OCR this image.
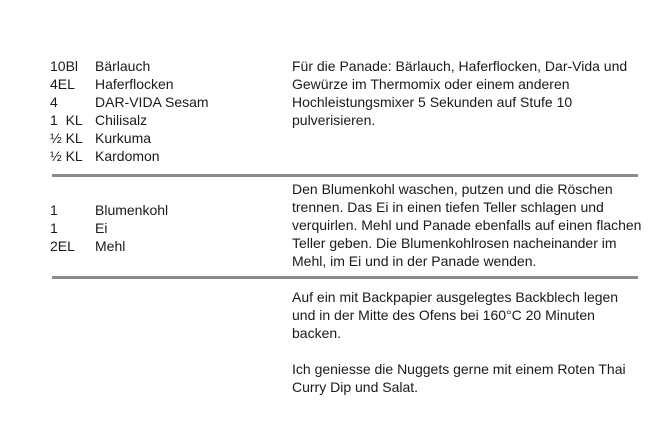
10Bl Bärlauch
4EL Haferflocken
4	DAR-VIDA Sesam
1  KL Chilisalz
½ KL Kurkuma
½ KL Kardomon

Für die Panade: Bärlauch, Haferflocken, Dar-Vida und Gewürze im Thermomix oder einem anderen Hochleistungsmixer 5 Sekunden auf Stufe 10 pulverisieren.

1	Blumenkohl
1	Ei
2EL Mehl

Den Blumenkohl waschen, putzen und die Röschen trennen. Das Ei in einen tiefen Teller schlagen und verquirlen. Mehl und Panade ebenfalls auf einen flachen Teller geben. Die Blumenkohlrosen nacheinander im Mehl, im Ei und in der Panade wenden.

Auf ein mit Backpapier ausgelegtes Backblech legen und in der Mitte des Ofens bei 160°C 20 Minuten backen.

Ich geniesse die Nuggets gerne mit einem Roten Thai Curry Dip und Salat.
